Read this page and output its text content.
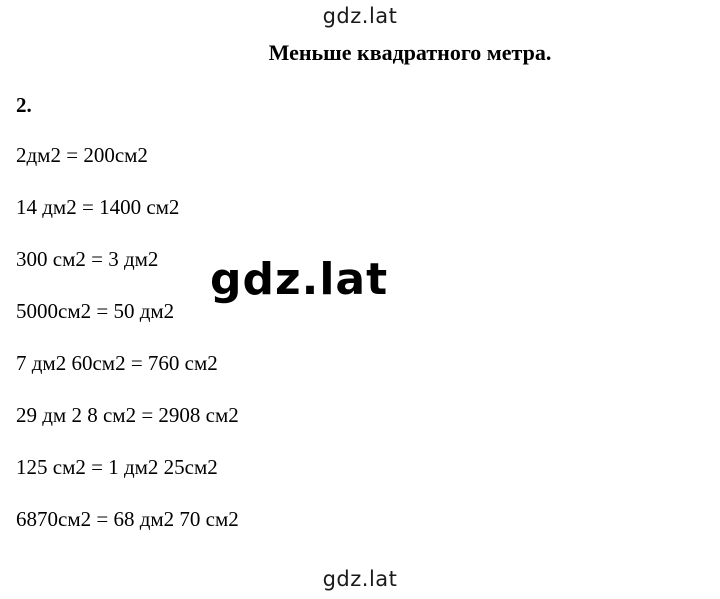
gdz.lat
Меньше квадратного метра.
2.
2дм2 = 200см2
14 дм2 = 1400 см2
300 см2 = 3 дм2
5000см2 = 50 дм2
7 дм2 60см2 = 760 см2
29 дм 2 8 см2 = 2908 см2
125 см2 = 1 дм2 25см2
6870см2 = 68 дм2 70 см2
gdz.lat
gdz.lat
